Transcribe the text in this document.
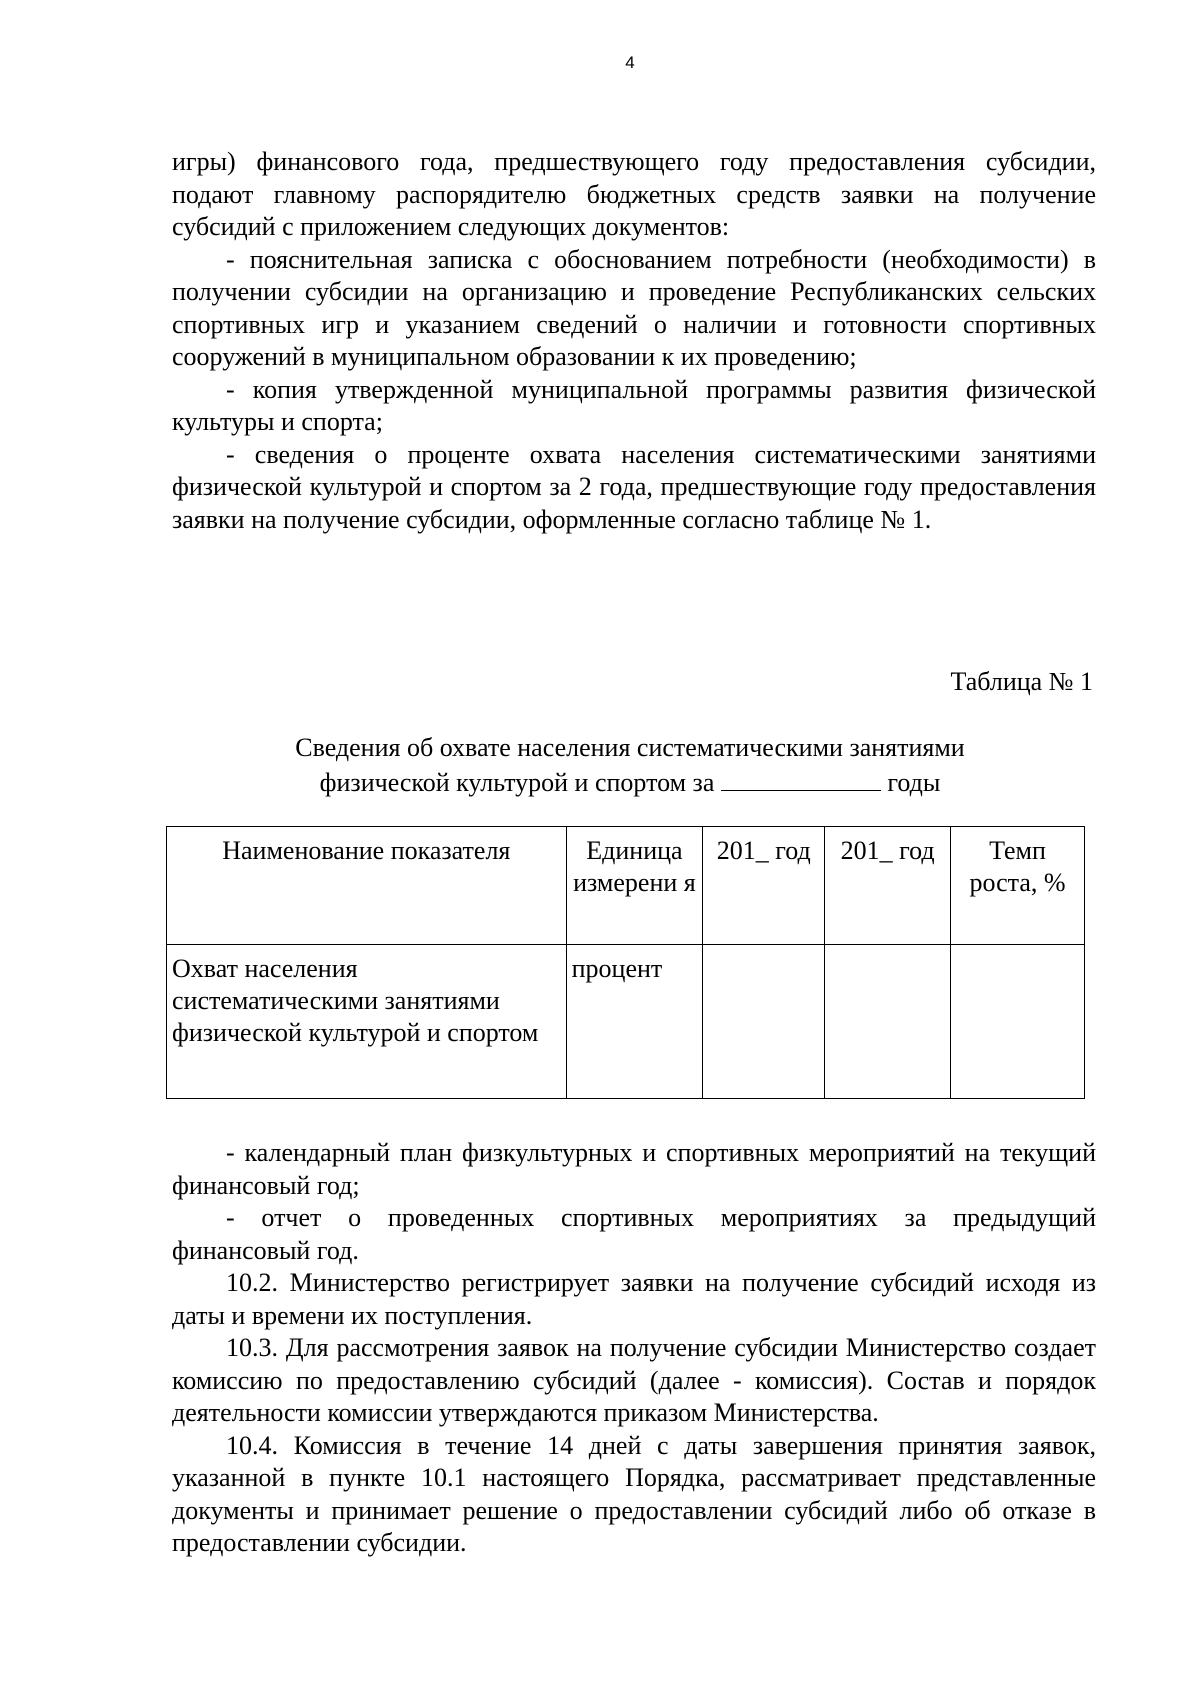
4

игры) финансового года, предшествующего году предоставления субсидии, подают главному распорядителю бюджетных средств заявки на получение субсидий с приложением следующих документов:

- пояснительная записка с обоснованием потребности (необходимости) в получении субсидии на организацию и проведение Республиканских сельских спортивных игр и указанием сведений о наличии и готовности спортивных сооружений в муниципальном образовании к их проведению;

- копия утвержденной муниципальной программы развития физической культуры и спорта;

- сведения о проценте охвата населения систематическими занятиями физической культурой и спортом за 2 года, предшествующие году предоставления заявки на получение субсидии, оформленные согласно таблице № 1.

Таблица № 1
Сведения об охвате населения систематическими занятиями
физической культурой и спортом за	годы
Наименование показателя	Единица измерени я	201_ год	201_ год	Темп роста, %
Охват населения систематическими занятиями физической культурой и спортом	процент			

- календарный план физкультурных и спортивных мероприятий на текущий финансовый год;

- отчет о проведенных спортивных мероприятиях за предыдущий финансовый год.

10.2. Министерство регистрирует заявки на получение субсидий исходя из даты и времени их поступления.

10.3. Для рассмотрения заявок на получение субсидии Министерство создает комиссию по предоставлению субсидий (далее - комиссия). Состав и порядок деятельности комиссии утверждаются приказом Министерства.

10.4. Комиссия в течение 14 дней с даты завершения принятия заявок, указанной в пункте 10.1 настоящего Порядка, рассматривает представленные документы и принимает решение о предоставлении субсидий либо об отказе в предоставлении субсидии.
